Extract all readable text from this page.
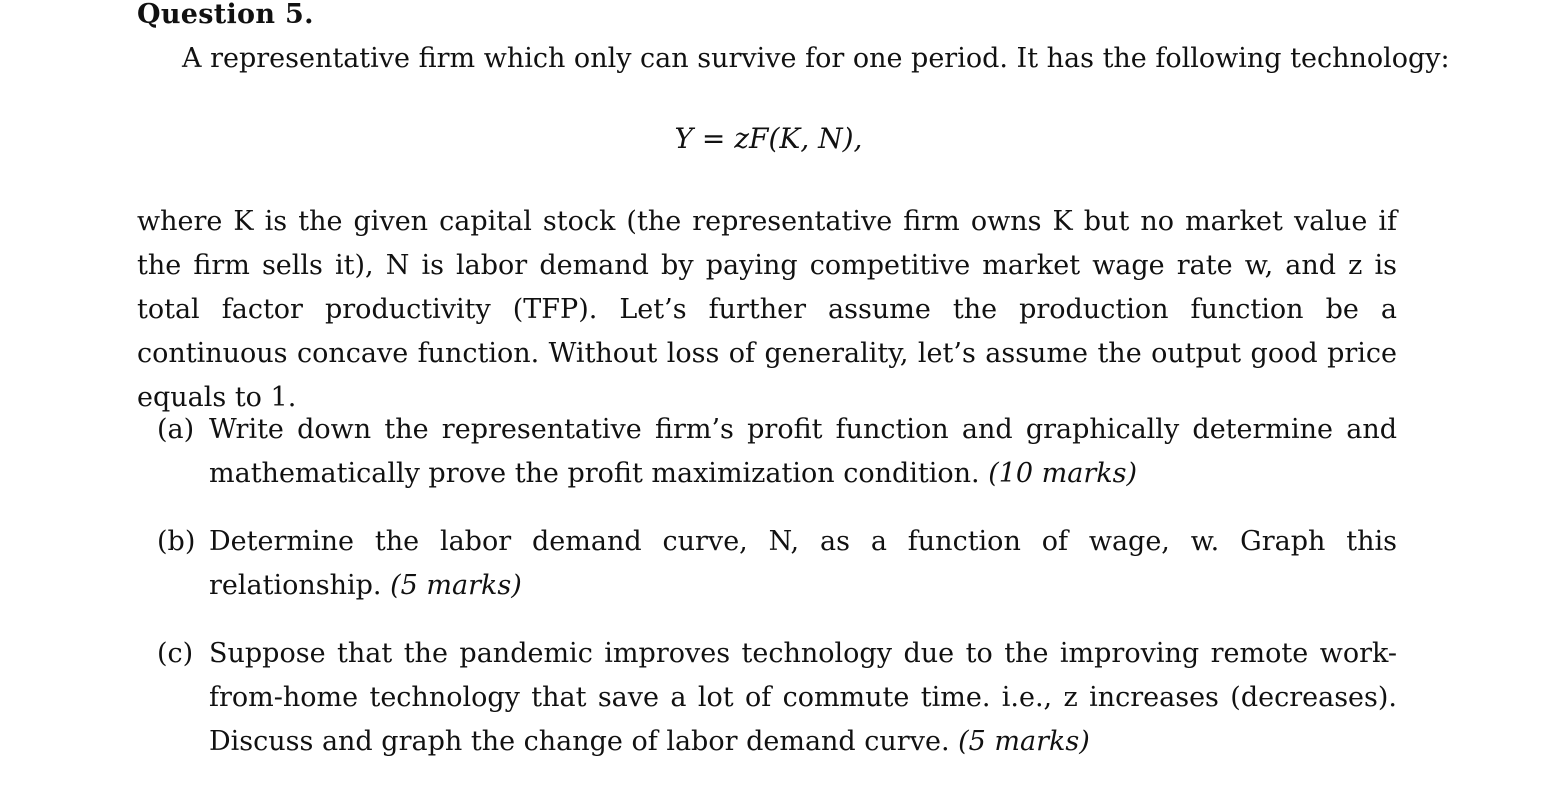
Question 5.
A representative firm which only can survive for one period. It has the following technology:
Y = zF(K, N),
where K is the given capital stock (the representative firm owns K but no market value if the firm sells it), N is labor demand by paying competitive market wage rate w, and z is total factor productivity (TFP). Let’s further assume the production function be a continuous concave function. Without loss of generality, let’s assume the output good price equals to 1.
(a) Write down the representative firm’s profit function and graphically determine and mathematically prove the profit maximization condition. (10 marks)
(b) Determine the labor demand curve, N, as a function of wage, w. Graph this relationship. (5 marks)
(c) Suppose that the pandemic improves technology due to the improving remote work-from-home technology that save a lot of commute time. i.e., z increases (decreases). Discuss and graph the change of labor demand curve. (5 marks)
